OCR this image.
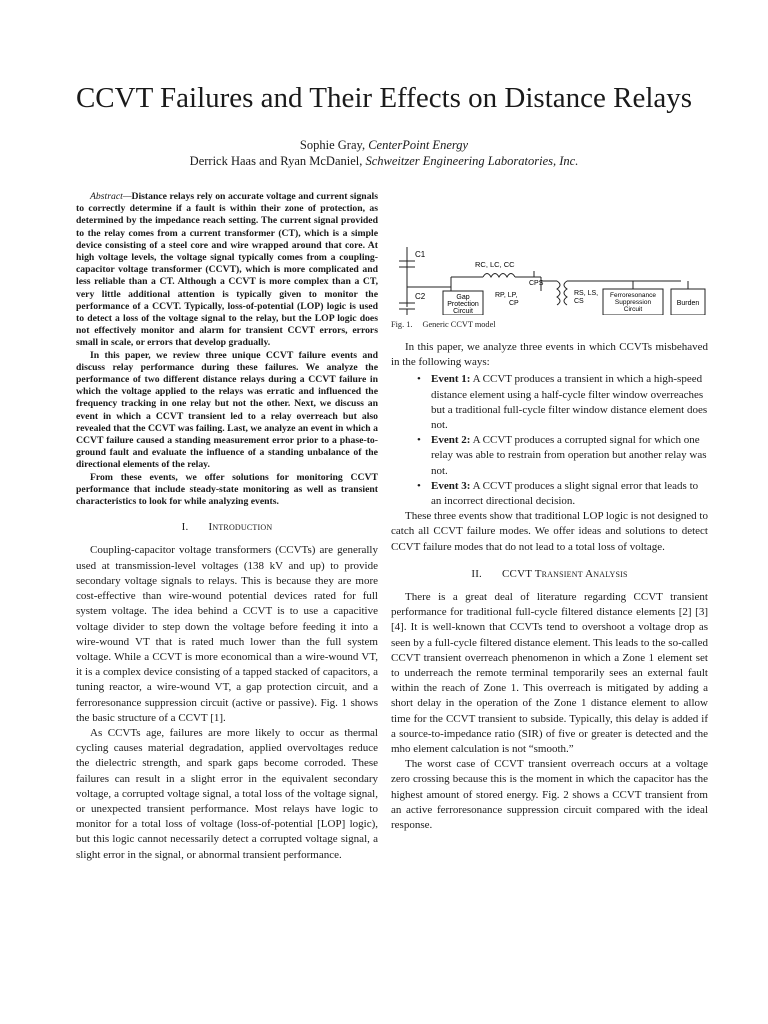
CCVT Failures and Their Effects on Distance Relays
Sophie Gray, CenterPoint Energy
Derrick Haas and Ryan McDaniel, Schweitzer Engineering Laboratories, Inc.

Abstract—Distance relays rely on accurate voltage and current signals to correctly determine if a fault is within their zone of protection, as determined by the impedance reach setting. The current signal provided to the relay comes from a current transformer (CT), which is a simple device consisting of a steel core and wire wrapped around that core. At high voltage levels, the voltage signal typically comes from a coupling-capacitor voltage transformer (CCVT), which is more complicated and less reliable than a CT. Although a CCVT is more complex than a CT, very little additional attention is typically given to monitor the performance of a CCVT. Typically, loss-of-potential (LOP) logic is used to detect a loss of the voltage signal to the relay, but the LOP logic does not effectively monitor and alarm for transient CCVT errors, errors small in scale, or errors that develop gradually.

In this paper, we review three unique CCVT failure events and discuss relay performance during these failures. We analyze the performance of two different distance relays during a CCVT failure in which the voltage applied to the relays was erratic and influenced the frequency tracking in one relay but not the other. Next, we discuss an event in which a CCVT transient led to a relay overreach but also revealed that the CCVT was failing. Last, we analyze an event in which a CCVT failure caused a standing measurement error prior to a phase-to-ground fault and evaluate the influence of a standing unbalance of the directional elements of the relay.

From these events, we offer solutions for monitoring CCVT performance that include steady-state monitoring as well as transient characteristics to look for while analyzing events.

I. Introduction

Coupling-capacitor voltage transformers (CCVTs) are generally used at transmission-level voltages (138 kV and up) to provide secondary voltage signals to relays. This is because they are more cost-effective than wire-wound potential devices rated for full system voltage. The idea behind a CCVT is to use a capacitive voltage divider to step down the voltage before feeding it into a wire-wound VT that is rated much lower than the full system voltage. While a CCVT is more economical than a wire-wound VT, it is a complex device consisting of a tapped stacked of capacitors, a tuning reactor, a wire-wound VT, a gap protection circuit, and a ferroresonance suppression circuit (active or passive). Fig. 1 shows the basic structure of a CCVT [1].

As CCVTs age, failures are more likely to occur as thermal cycling causes material degradation, applied overvoltages reduce the dielectric strength, and spark gaps become corroded. These failures can result in a slight error in the equivalent secondary voltage, a corrupted voltage signal, a total loss of the voltage signal, or unexpected transient performance. Most relays have logic to monitor for a total loss of voltage (loss-of-potential [LOP] logic), but this logic cannot necessarily detect a corrupted voltage signal, a slight error in the signal, or abnormal transient performance.

C1
C2
RC, LC, CC
CPS
Gap
Protection
Circuit
RP, LP,
CP
RS, LS,
CS
Ferroresonance
Suppression
Circuit
Burden
Fig. 1. Generic CCVT model

In this paper, we analyze three events in which CCVTs misbehaved in the following ways:

• Event 1: A CCVT produces a transient in which a high-speed distance element using a half-cycle filter window overreaches but a traditional full-cycle filter window distance element does not.
• Event 2: A CCVT produces a corrupted signal for which one relay was able to restrain from operation but another relay was not.
• Event 3: A CCVT produces a slight signal error that leads to an incorrect directional decision.

These three events show that traditional LOP logic is not designed to catch all CCVT failure modes. We offer ideas and solutions to detect CCVT failure modes that do not lead to a total loss of voltage.

II. CCVT Transient Analysis

There is a great deal of literature regarding CCVT transient performance for traditional full-cycle filtered distance elements [2] [3] [4]. It is well-known that CCVTs tend to overshoot a voltage drop as seen by a full-cycle filtered distance element. This leads to the so-called CCVT transient overreach phenomenon in which a Zone 1 element set to underreach the remote terminal temporarily sees an external fault within the reach of Zone 1. This overreach is mitigated by adding a short delay in the operation of the Zone 1 distance element to allow time for the CCVT transient to subside. Typically, this delay is added if a source-to-impedance ratio (SIR) of five or greater is detected and the mho element calculation is not “smooth.”

The worst case of CCVT transient overreach occurs at a voltage zero crossing because this is the moment in which the capacitor has the highest amount of stored energy. Fig. 2 shows a CCVT transient from an active ferroresonance suppression circuit compared with the ideal response.
